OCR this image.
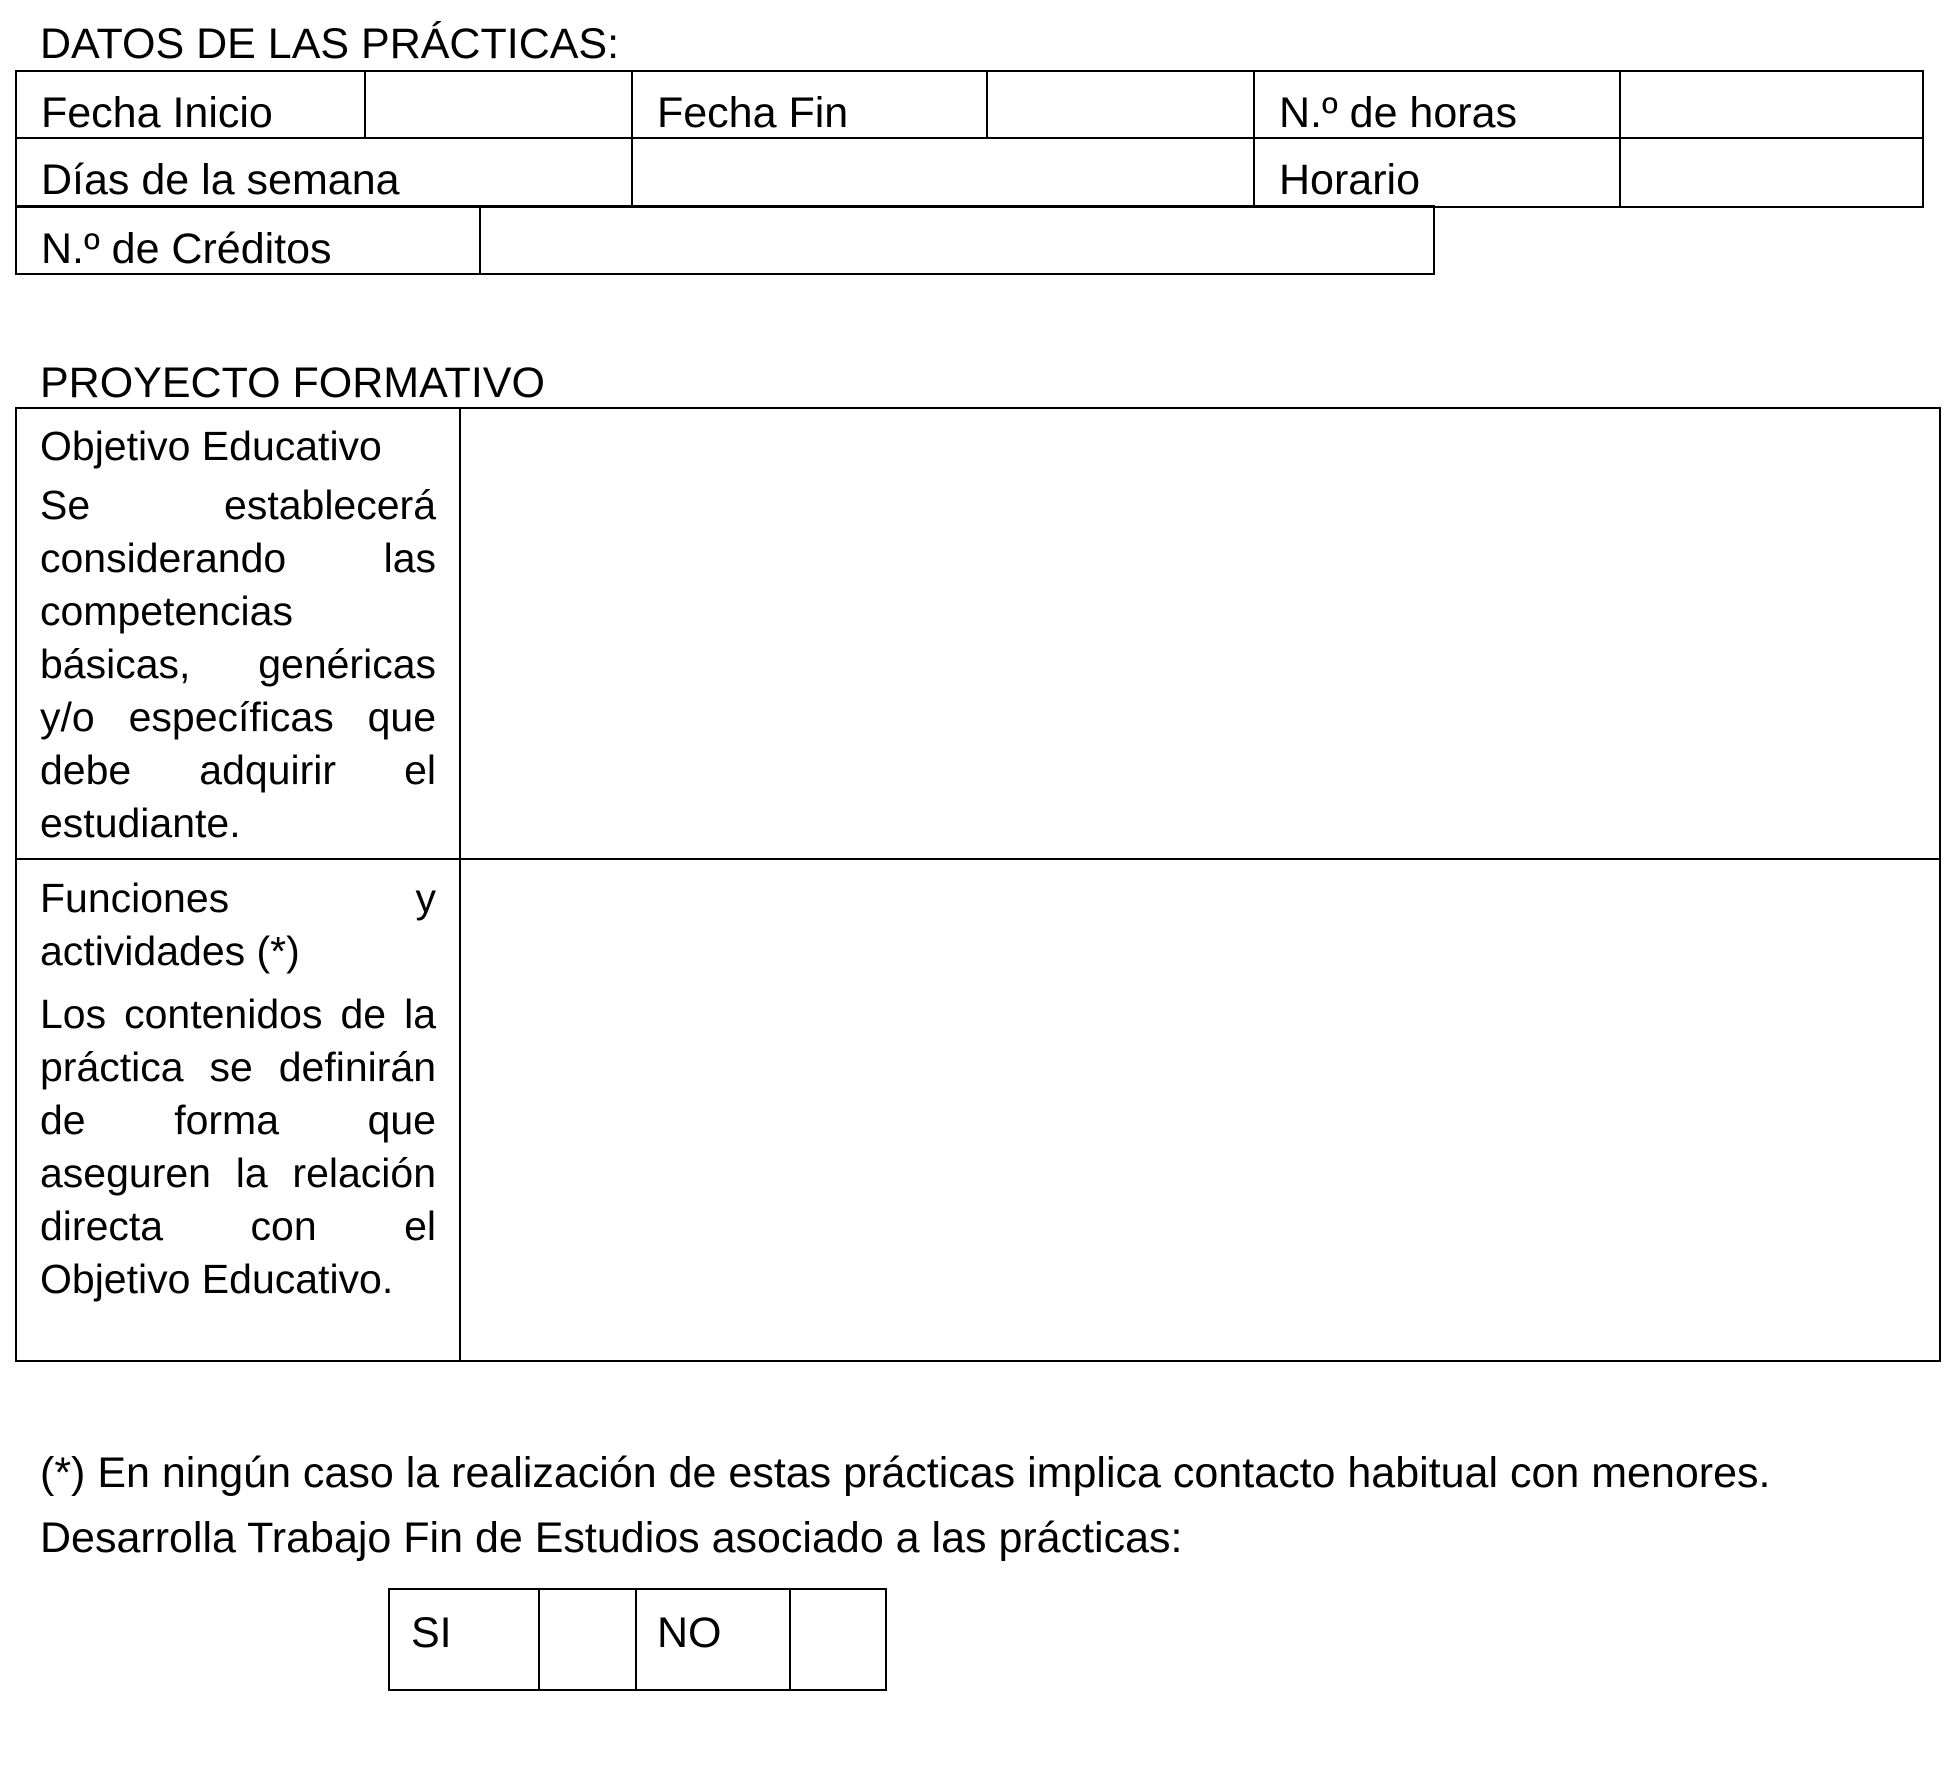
DATOS DE LAS PRÁCTICAS:
Fecha Inicio	Fecha Fin	N.º de horas
Días de la semana	Horario
N.º de Créditos
PROYECTO FORMATIVO

Objetivo Educativo

Se establecerá considerando las competencias básicas, genéricas y/o específicas que debe adquirir el estudiante.

Funciones y actividades (*)

Los contenidos de la práctica se definirán de forma que aseguren la relación directa con el Objetivo Educativo.

(*) En ningún caso la realización de estas prácticas implica contacto habitual con menores.
Desarrolla Trabajo Fin de Estudios asociado a las prácticas:
SI	NO
